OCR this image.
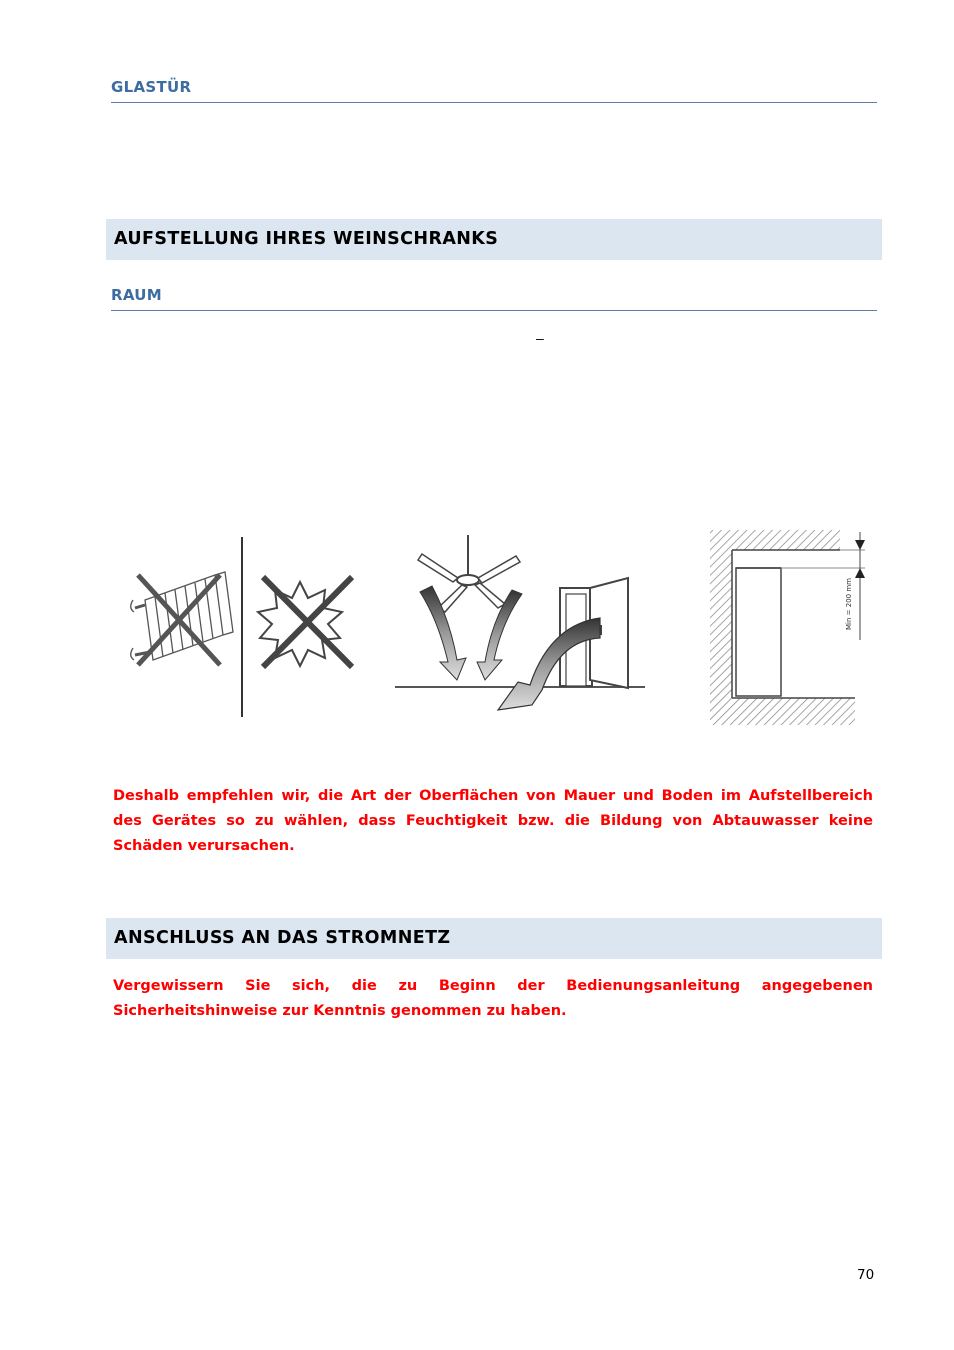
GLASTÜR
AUFSTELLUNG IHRES WEINSCHRANKS
RAUM
–
Min = 200 mm
Deshalb empfehlen wir, die Art der Oberflächen von Mauer und Boden im Aufstellbereich des Gerätes so zu wählen, dass Feuchtigkeit bzw. die Bildung von Abtauwasser keine Schäden verursachen.
ANSCHLUSS AN DAS STROMNETZ
Vergewissern Sie sich, die zu Beginn der Bedienungsanleitung angegebenen Sicherheitshinweise zur Kenntnis genommen zu haben.
70
